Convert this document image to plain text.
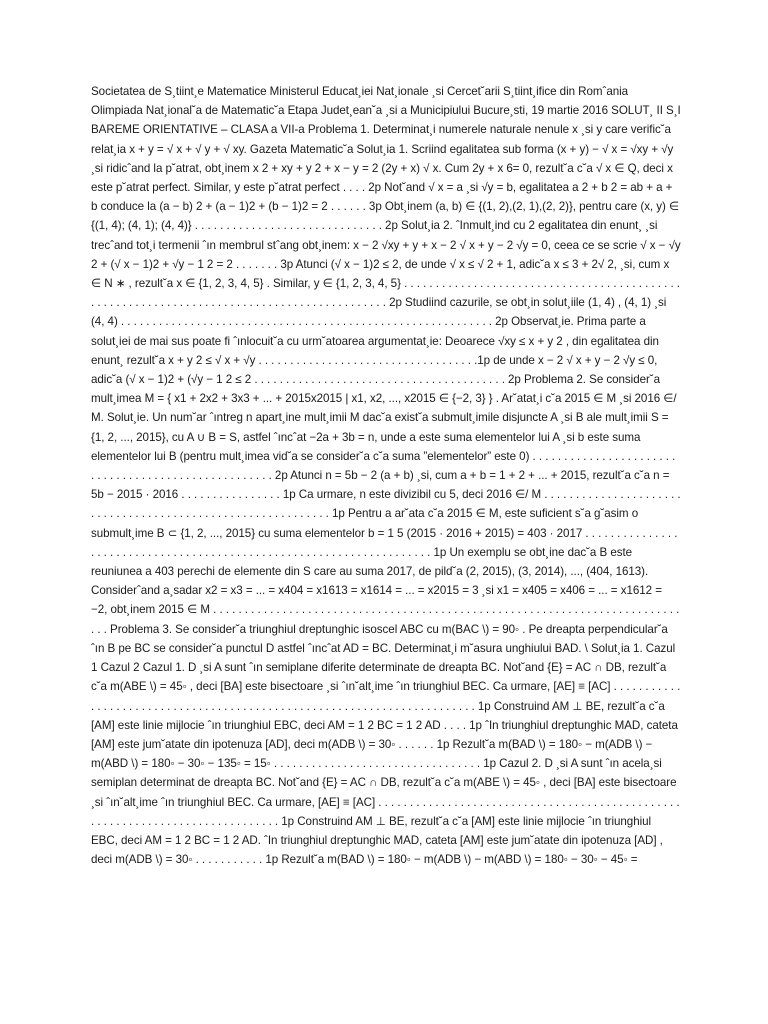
Societatea de S¸tiint¸e Matematice Ministerul Educat¸iei Nat¸ionale ¸si Cercet˘arii S¸tiint¸ifice din Romˆania Olimpiada Nat¸ional˘a de Matematic˘a Etapa Judet¸ean˘a ¸si a Municipiului Bucure¸sti, 19 martie 2016 SOLUT¸ II S¸I BAREME ORIENTATIVE – CLASA a VII-a Problema 1. Determinat¸i numerele naturale nenule x ¸si y care verific˘a relat¸ia x + y = √ x + √ y + √ xy. Gazeta Matematic˘a Solut¸ia 1. Scriind egalitatea sub forma (x + y) − √ x = √xy + √y ¸si ridicˆand la p˘atrat, obt¸inem x 2 + xy + y 2 + x − y = 2 (2y + x) √ x. Cum 2y + x 6= 0, rezult˘a c˘a √ x ∈ Q, deci x este p˘atrat perfect. Similar, y este p˘atrat perfect . . . . 2p Not˘and √ x = a ¸si √y = b, egalitatea a 2 + b 2 = ab + a + b conduce la (a − b) 2 + (a − 1)2 + (b − 1)2 = 2 . . . . . . 3p Obt¸inem (a, b) ∈ {(1, 2),(2, 1),(2, 2)}, pentru care (x, y) ∈ {(1, 4); (4, 1); (4, 4)} . . . . . . . . . . . . . . . . . . . . . . . . . . . . . . 2p Solut¸ia 2. ˆInmult¸ind cu 2 egalitatea din enunt¸ ¸si trecˆand tot¸i termenii ˆın membrul stˆang obt¸inem: x − 2 √xy + y + x − 2 √ x + y − 2 √y = 0, ceea ce se scrie √ x − √y 2 + (√ x − 1)2 + √y − 1 2 = 2 . . . . . . . 3p Atunci (√ x − 1)2 ≤ 2, de unde √ x ≤ √ 2 + 1, adic˘a x ≤ 3 + 2√ 2, ¸si, cum x ∈ N ∗ , rezult˘a x ∈ {1, 2, 3, 4, 5} . Similar, y ∈ {1, 2, 3, 4, 5} . . . . . . . . . . . . . . . . . . . . . . . . . . . . . . . . . . . . . . . . . . . . . . . . . . . . . . . . . . . . . . . . . . . . . . . . . . . . . . . . . . . . . . . . . . . 2p Studiind cazurile, se obt¸in solut¸iile (1, 4) , (4, 1) ¸si (4, 4) . . . . . . . . . . . . . . . . . . . . . . . . . . . . . . . . . . . . . . . . . . . . . . . . . . . . . . . . . . . 2p Observat¸ie. Prima parte a solut¸iei de mai sus poate fi ˆınlocuit˘a cu urm˘atoarea argumentat¸ie: Deoarece √xy ≤ x + y 2 , din egalitatea din enunt¸ rezult˘a x + y 2 ≤ √ x + √y . . . . . . . . . . . . . . . . . . . . . . . . . . . . . . . . . . .1p de unde x − 2 √ x + y − 2 √y ≤ 0, adic˘a (√ x − 1)2 + (√y − 1 2 ≤ 2 . . . . . . . . . . . . . . . . . . . . . . . . . . . . . . . . . . . . . . . . 2p Problema 2. Se consider˘a mult¸imea M = { x1 + 2x2 + 3x3 + ... + 2015x2015 | x1, x2, ..., x2015 ∈ {−2, 3} } . Ar˘atat¸i c˘a 2015 ∈ M ¸si 2016 ∈/ M. Solut¸ie. Un num˘ar ˆıntreg n apart¸ine mult¸imii M dac˘a exist˘a submult¸imile disjuncte A ¸si B ale mult¸imii S = {1, 2, ..., 2015}, cu A ∪ B = S, astfel ˆıncˆat −2a + 3b = n, unde a este suma elementelor lui A ¸si b este suma elementelor lui B (pentru mult¸imea vid˘a se consider˘a c˘a suma ”elementelor” este 0) . . . . . . . . . . . . . . . . . . . . . . . . . . . . . . . . . . . . . . . . . . . . . . . . . . . . 2p Atunci n = 5b − 2 (a + b) ¸si, cum a + b = 1 + 2 + ... + 2015, rezult˘a c˘a n = 5b − 2015 · 2016 . . . . . . . . . . . . . . . . 1p Ca urmare, n este divizibil cu 5, deci 2016 ∈/ M . . . . . . . . . . . . . . . . . . . . . . . . . . . . . . . . . . . . . . . . . . . . . . . . . . . . . . . . . . . . 1p Pentru a ar˘ata c˘a 2015 ∈ M, este suficient s˘a g˘asim o submult¸ime B ⊂ {1, 2, ..., 2015} cu suma elementelor b = 1 5 (2015 · 2016 + 2015) = 403 · 2017 . . . . . . . . . . . . . . . . . . . . . . . . . . . . . . . . . . . . . . . . . . . . . . . . . . . . . . . . . . . . . . . . . . . . . 1p Un exemplu se obt¸ine dac˘a B este reuniunea a 403 perechi de elemente din S care au suma 2017, de pild˘a (2, 2015), (3, 2014), ..., (404, 1613). Considerˆand a¸sadar x2 = x3 = ... = x404 = x1613 = x1614 = ... = x2015 = 3 ¸si x1 = x405 = x406 = ... = x1612 = −2, obt¸inem 2015 ∈ M . . . . . . . . . . . . . . . . . . . . . . . . . . . . . . . . . . . . . . . . . . . . . . . . . . . . . . . . . . . . . . . . . . . . . . . . . . . . . Problema 3. Se consider˘a triunghiul dreptunghic isoscel ABC cu m(BAC \) = 90◦ . Pe dreapta perpendicular˘a ˆın B pe BC se consider˘a punctul D astfel ˆıncˆat AD = BC. Determinat¸i m˘asura unghiului BAD. \ Solut¸ia 1. Cazul 1 Cazul 2 Cazul 1. D ¸si A sunt ˆın semiplane diferite determinate de dreapta BC. Not˘and {E} = AC ∩ DB, rezult˘a c˘a m(ABE \) = 45◦ , deci [BA] este bisectoare ¸si ˆın˘alt¸ime ˆın triunghiul BEC. Ca urmare, [AE] ≡ [AC] . . . . . . . . . . . . . . . . . . . . . . . . . . . . . . . . . . . . . . . . . . . . . . . . . . . . . . . . . . . . . . . . . . . . . . . . 1p Construind AM ⊥ BE, rezult˘a c˘a [AM] este linie mijlocie ˆın triunghiul EBC, deci AM = 1 2 BC = 1 2 AD . . . . 1p ˆIn triunghiul dreptunghic MAD, cateta [AM] este jum˘atate din ipotenuza [AD], deci m(ADB \) = 30◦ . . . . . . 1p Rezult˘a m(BAD \) = 180◦ − m(ADB \) − m(ABD \) = 180◦ − 30◦ − 135◦ = 15◦ . . . . . . . . . . . . . . . . . . . . . . . . . . . . . . . . . 1p Cazul 2. D ¸si A sunt ˆın acela¸si semiplan determinat de dreapta BC. Not˘and {E} = AC ∩ DB, rezult˘a c˘a m(ABE \) = 45◦ , deci [BA] este bisectoare ¸si ˆın˘alt¸ime ˆın triunghiul BEC. Ca urmare, [AE] ≡ [AC] . . . . . . . . . . . . . . . . . . . . . . . . . . . . . . . . . . . . . . . . . . . . . . . . . . . . . . . . . . . . . . . . . . . . . . . . . . . . . . 1p Construind AM ⊥ BE, rezult˘a c˘a [AM] este linie mijlocie ˆın triunghiul EBC, deci AM = 1 2 BC = 1 2 AD. ˆIn triunghiul dreptunghic MAD, cateta [AM] este jum˘atate din ipotenuza [AD] , deci m(ADB \) = 30◦ . . . . . . . . . . . 1p Rezult˘a m(BAD \) = 180◦ − m(ADB \) − m(ABD \) = 180◦ − 30◦ − 45◦ =
